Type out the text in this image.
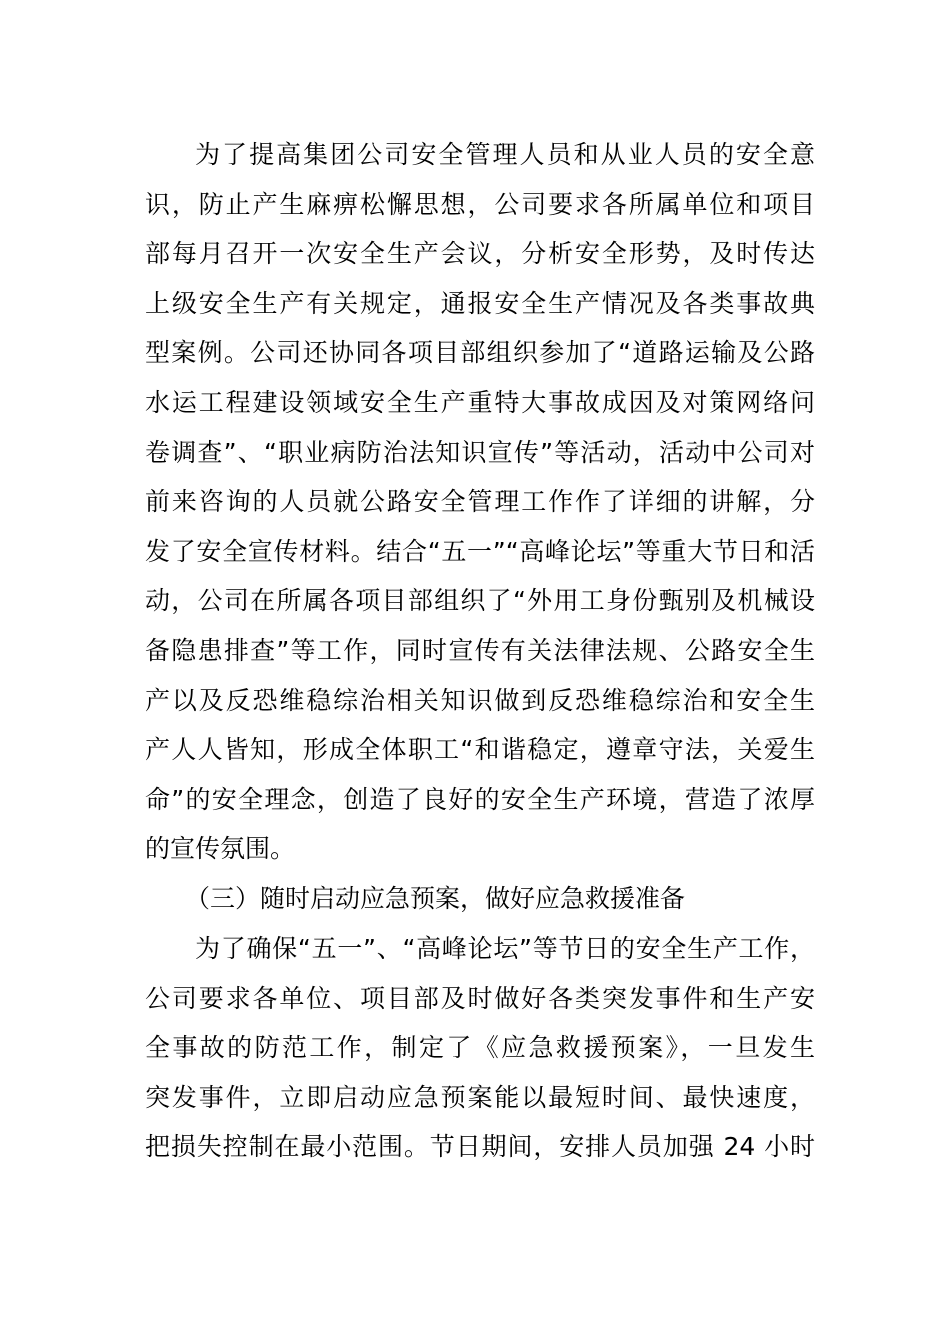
为了提高集团公司安全管理人员和从业人员的安全意
识，防止产生麻痹松懈思想，公司要求各所属单位和项目
部每月召开一次安全生产会议，分析安全形势，及时传达
上级安全生产有关规定，通报安全生产情况及各类事故典
型案例。公司还协同各项目部组织参加了“道路运输及公路
水运工程建设领域安全生产重特大事故成因及对策网络问
卷调查”、“职业病防治法知识宣传”等活动，活动中公司对
前来咨询的人员就公路安全管理工作作了详细的讲解，分
发了安全宣传材料。结合“五一”“高峰论坛”等重大节日和活
动，公司在所属各项目部组织了“外用工身份甄别及机械设
备隐患排查”等工作，同时宣传有关法律法规、公路安全生
产以及反恐维稳综治相关知识做到反恐维稳综治和安全生
产人人皆知，形成全体职工“和谐稳定，遵章守法，关爱生
命”的安全理念，创造了良好的安全生产环境，营造了浓厚
的宣传氛围。
（三）随时启动应急预案，做好应急救援准备
为了确保“五一”、“高峰论坛”等节日的安全生产工作，
公司要求各单位、项目部及时做好各类突发事件和生产安
全事故的防范工作，制定了《应急救援预案》，一旦发生
突发事件，立即启动应急预案能以最短时间、最快速度，
把损失控制在最小范围。节日期间，安排人员加强 24 小时
